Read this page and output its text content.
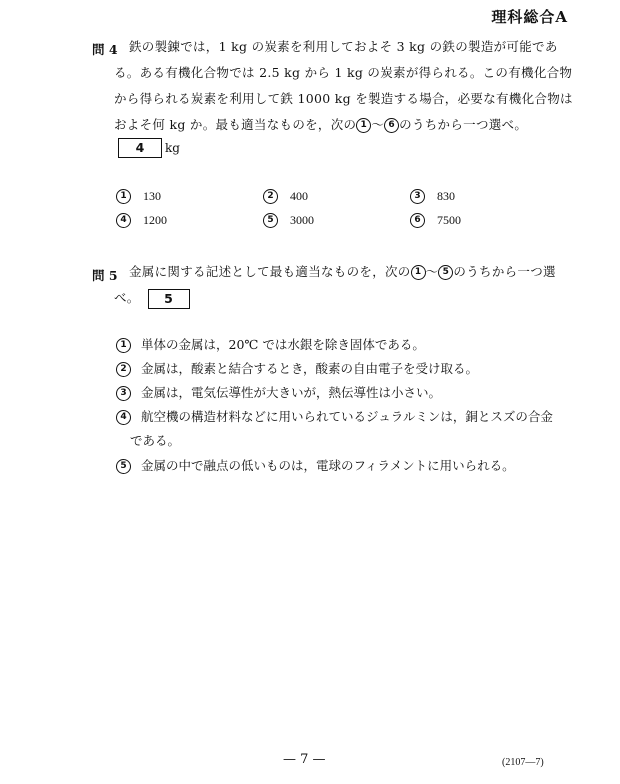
理科総合A
問 4 鉄の製錬では，1 kg の炭素を利用しておよそ 3 kg の鉄の製造が可能であ
る。ある有機化合物では 2.5 kg から 1 kg の炭素が得られる。この有機化合物
から得られる炭素を利用して鉄 1000 kg を製造する場合，必要な有機化合物は
およそ何 kg か。最も適当なものを，次の 1 ～ 6 のうちから一つ選べ。
4 kg
1 130	2 400	3 830
4 1200	5 3000	6 7500
問 5 金属に関する記述として最も適当なものを，次の 1 ～ 5 のうちから一つ選
べ。 5
1 単体の金属は，20℃ では水銀を除き固体である。
2 金属は，酸素と結合するとき，酸素の自由電子を受け取る。
3 金属は，電気伝導性が大きいが，熱伝導性は小さい。
4 航空機の構造材料などに用いられているジュラルミンは，銅とスズの合金
である。
5 金属の中で融点の低いものは，電球のフィラメントに用いられる。
— 7 —	(2107—7)
